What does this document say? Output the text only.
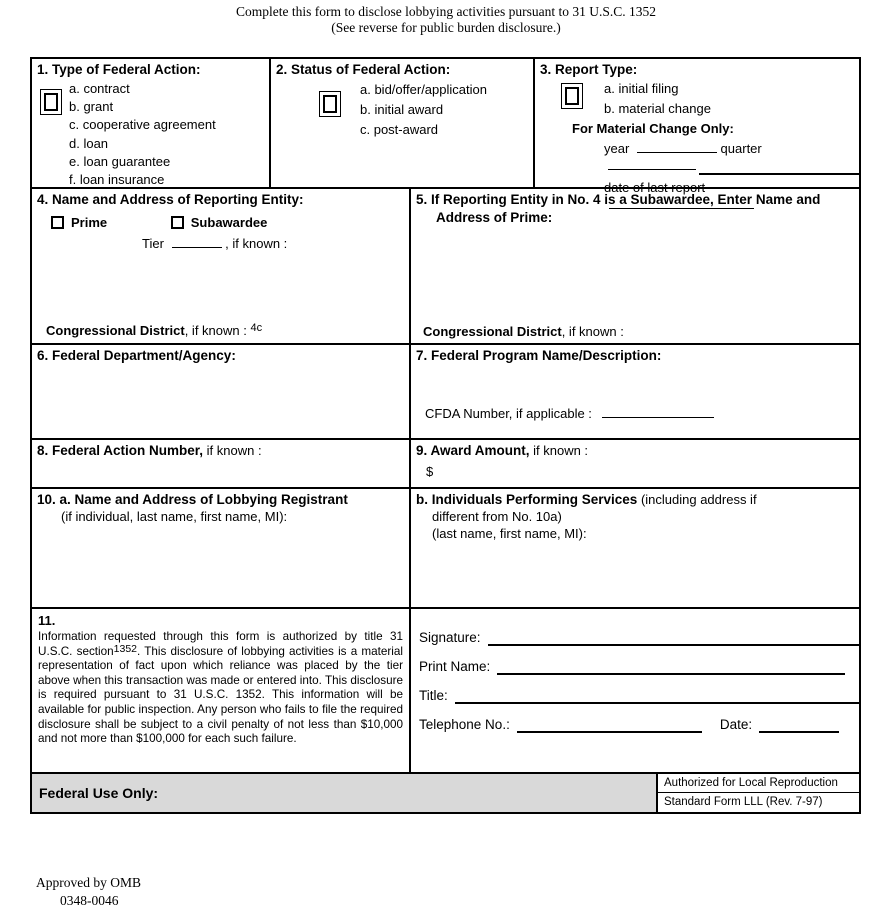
Complete this form to disclose lobbying activities pursuant to 31 U.S.C. 1352
(See reverse for public burden disclosure.)
1. Type of Federal Action:
a. contract
b. grant
c. cooperative agreement
d. loan
e. loan guarantee
f. loan insurance
2. Status of Federal Action:
a. bid/offer/application
b. initial award
c. post-award
3. Report Type:
a. initial filing
b. material change
For Material Change Only:
year	quarter
date of last report
4. Name and Address of Reporting Entity:
Prime	Subawardee
Tier	, if known :
Congressional District, if known : $^{4c}$
5. If Reporting Entity in No. 4 is a Subawardee, Enter Name and Address of Prime:
Congressional District, if known :
6. Federal Department/Agency:	7. Federal Program Name/Description:
CFDA Number, if applicable :
8. Federal Action Number, if known :	9. Award Amount, if known :
$
10. a. Name and Address of Lobbying Registrant
(if individual, last name, first name, MI):
b. Individuals Performing Services (including address if
different from No. 10a)
(last name, first name, MI):
11.

Information requested through this form is authorized by title 31 U.S.C. section1352. This disclosure of lobbying activities is a material representation of fact upon which reliance was placed by the tier above when this transaction was made or entered into. This disclosure is required pursuant to 31 U.S.C. 1352. This information will be available for public inspection. Any person who fails to file the required disclosure shall be subject to a civil penalty of not less than $10,000 and not more than $100,000 for each such failure.

Signature:
Print Name:
Title:
Telephone No.:	Date:
Federal Use Only:
Authorized for Local Reproduction
Standard Form LLL (Rev. 7-97)
Approved by OMB
0348-0046
